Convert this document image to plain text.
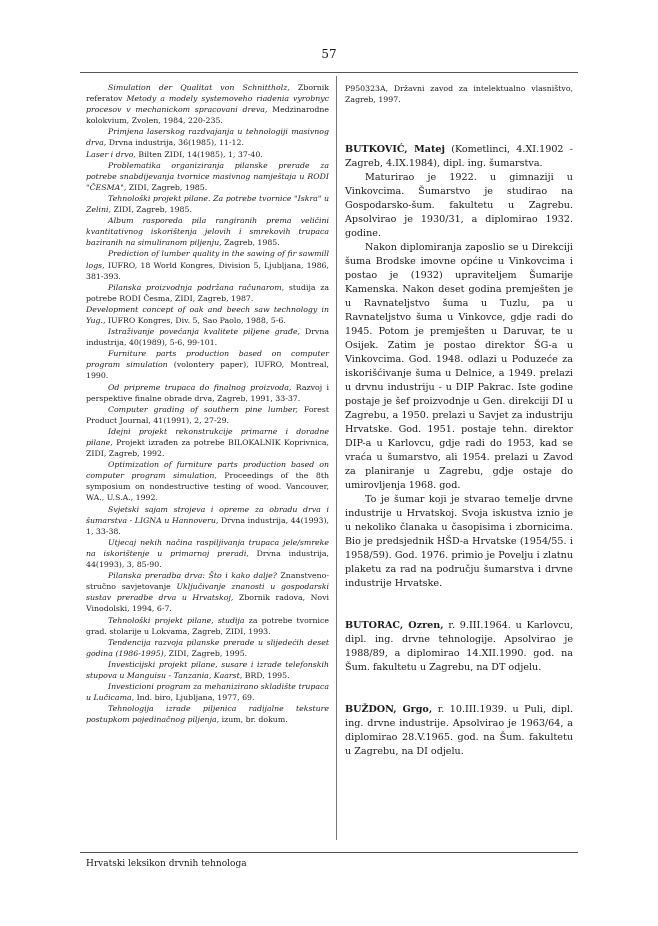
57

Simulation der Qualitat von Schnittholz, Zbornik referatov Metody a modely systemoveho riadenia vyrobnyc procesov v mechanickom spracovani dreva, Medzinarodne kolokvium, Zvolen, 1984, 220-235.

Primjena laserskog razdvajanja u tehnologiji masivnog drva, Drvna industrija, 36(1985), 11-12.

Laser i drvo, Bilten ZIDI, 14(1985), 1, 37-40.

Problematika organiziranja pilanske prerade za potrebe snabdijevanja tvornice masivnog namještaja u RODI "ČESMA", ZIDI, Zagreb, 1985.

Tehnološki projekt pilane. Za potrebe tvornice "Iskra" u Zelini, ZIDI, Zagreb, 1985.

Album rasporeda pila rangiranih prema veličini kvantitativnog iskorištenja jelovih i smrekovih trupaca baziranih na simuliranom piljenju, Zagreb, 1985.

Prediction of lumber quality in the sawing of fir sawmill logs, IUFRO, 18 World Kongres, Division 5, Ljubljana, 1986, 381-393.

Pilanska proizvodnja podržana računarom, studija za potrebe RODI Česma, ZIDI, Zagreb, 1987.

Development concept of oak and beech saw technology in Yug., IUFRO Kongres, Div. 5, Sao Paolo, 1988, 5-6.

Istraživanje povećanja kvalitete piljene građe, Drvna industrija, 40(1989), 5-6, 99-101.

Furniture parts production based on computer program simulation (volontery paper), IUFRO, Montreal, 1990.

Od pripreme trupaca do finalnog proizvoda, Razvoj i perspektive finalne obrade drva, Zagreb, 1991, 33-37.

Computer grading of southern pine lumber, Forest Product Journal, 41(1991), 2, 27-29.

Idejni projekt rekonstrukcije primarne i doradne pilane, Projekt izrađen za potrebe BILOKALNIK Koprivnica, ZIDI, Zagreb, 1992.

Optimization of furniture parts production based on computer program simulation, Proceedings of the 8th symposium on nondestructive testing of wood. Vancouver, WA., U.S.A., 1992.

Svjetski sajam strojeva i opreme za obradu drva i šumarstva - LIGNA u Hannoveru, Drvna industrija, 44(1993), 1, 33-38.

Utjecaj nekih načina raspiljivanja trupaca jele/smreke na iskorištenje u primarnoj preradi, Drvna industrija, 44(1993), 3, 85-90.

Pilanska preradba drva: Što i kako dalje? Znanstveno-stručno savjetovanje Uključivanje znanosti u gospodarski sustav preradbe drva u Hrvatskoj, Zbornik radova, Novi Vinodolski, 1994, 6-7.

Tehnološki projekt pilane, studija za potrebe tvornice grad. stolarije u Lokvama, Zagreb, ZIDI, 1993.

Tendencija razvoja pilanske prerade u slijedećih deset godina (1986-1995), ZIDI, Zagreb, 1995.

Investicijski projekt pilane, susare i izrade telefonskih stupova u Manguisu - Tanzania, Kaarst, BRD, 1995.

Investicioni program za mehanizirano skladište trupaca u Lučicama, Ind. biro, Ljubljana, 1977, 69.

Tehnologija izrade piljenica radijalne teksture postupkom pojedinačnog piljenja, izum, br. dokum.

P950323A, Državni zavod za intelektualno vlasništvo, Zagreb, 1997.

BUTKOVIĆ, Matej (Kometlinci, 4.XI.1902 - Zagreb, 4.IX.1984), dipl. ing. šumarstva.

Maturirao je 1922. u gimnaziji u Vinkovcima. Šumarstvo je studirao na Gospodarsko-šum. fakultetu u Zagrebu. Apsolvirao je 1930/31, a diplomirao 1932. godine.

Nakon diplomiranja zaposlio se u Direkciji šuma Brodske imovne općine u Vinkovcima i postao je (1932) upraviteljem Šumarije Kamenska. Nakon deset godina premješten je u Ravnateljstvo šuma u Tuzlu, pa u Ravnateljstvo šuma u Vinkovce, gdje radi do 1945. Potom je premješten u Daruvar, te u Osijek. Zatim je postao direktor ŠG-a u Vinkovcima. God. 1948. odlazi u Poduzeće za iskorišćivanje šuma u Delnice, a 1949. prelazi u drvnu industriju - u DIP Pakrac. Iste godine postaje je šef proizvodnje u Gen. direkciji DI u Zagrebu, a 1950. prelazi u Savjet za industriju Hrvatske. God. 1951. postaje tehn. direktor DIP-a u Karlovcu, gdje radi do 1953, kad se vraća u šumarstvo, ali 1954. prelazi u Zavod za planiranje u Zagrebu, gdje ostaje do umirovljenja 1968. god.

To je šumar koji je stvarao temelje drvne industrije u Hrvatskoj. Svoja iskustva iznio je u nekoliko članaka u časopisima i zbornicima. Bio je predsjednik HŠD-a Hrvatske (1954/55. i 1958/59). God. 1976. primio je Povelju i zlatnu plaketu za rad na području šumarstva i drvne industrije Hrvatske.

BUTORAC, Ozren, r. 9.III.1964. u Karlovcu, dipl. ing. drvne tehnologije. Apsolvirao je 1988/89, a diplomirao 14.XII.1990. god. na Šum. fakultetu u Zagrebu, na DT odjelu.

BUŽDON, Grgo, r. 10.III.1939. u Puli, dipl. ing. drvne industrije. Apsolvirao je 1963/64, a diplomirao 28.V.1965. god. na Šum. fakultetu u Zagrebu, na DI odjelu.

Hrvatski leksikon drvnih tehnologa
